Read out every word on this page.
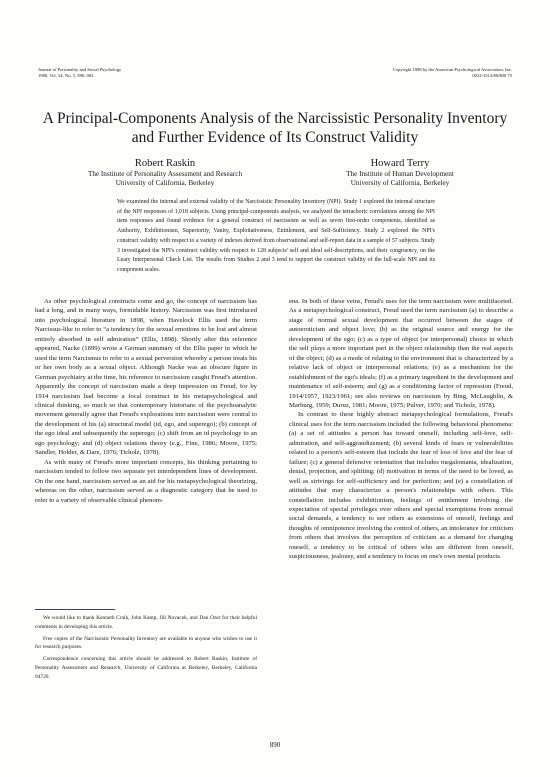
Journal of Personality and Social Psychology
1988, Vol. 54, No. 5, 890–902
Copyright 1988 by the American Psychological Association, Inc.
0022-3514/88/$00.75
A Principal-Components Analysis of the Narcissistic Personality Inventory and Further Evidence of Its Construct Validity
Robert Raskin
The Institute of Personality Assessment and Research
University of California, Berkeley
Howard Terry
The Institute of Human Development
University of California, Berkeley
We examined the internal and external validity of the Narcissistic Personality Inventory (NPI). Study 1 explored the internal structure of the NPI responses of 1,018 subjects. Using principal-components analysis, we analyzed the tetrachoric correlations among the NPI item responses and found evidence for a general construct of narcissism as well as seven first-order components, identified as Authority, Exhibitionism, Superiority, Vanity, Exploitativeness, Entitlement, and Self-Sufficiency. Study 2 explored the NPI's construct validity with respect to a variety of indexes derived from observational and self-report data in a sample of 57 subjects. Study 3 investigated the NPI's construct validity with respect to 128 subjects' self and ideal self-descriptions, and their congruency, on the Leary Interpersonal Check List. The results from Studies 2 and 3 tend to support the construct validity of the full-scale NPI and its component scales.

As other psychological constructs come and go, the concept of narcissism has had a long, and in many ways, formidable history. Narcissism was first introduced into psychological literature in 1898, when Havelock Ellis used the term Narcissus-like to refer to “a tendency for the sexual emotions to be lost and almost entirely absorbed in self admiration” (Ellis, 1898). Shortly after this reference appeared, Nacke (1899) wrote a German summary of the Ellis paper in which he used the term Narcismus to refer to a sexual perversion whereby a person treats his or her own body as a sexual object. Although Nacke was an obscure figure in German psychiatry at the time, his reference to narcissism caught Freud's attention. Apparently the concept of narcissism made a deep impression on Freud, for by 1914 narcissism had become a focal construct in his metapsychological and clinical thinking, so much so that contemporary historians of the psychoanalytic movement generally agree that Freud's explorations into narcissism were central to the development of his (a) structural model (id, ego, and superego); (b) concept of the ego ideal and subsequently the superego; (c) shift from an id psychology to an ego psychology; and (d) object relations theory (e.g., Fine, 1986; Moore, 1975; Sandler, Holder, & Dare, 1976; Ticholz, 1978).

As with many of Freud's more important concepts, his thinking pertaining to narcissism tended to follow two separate yet interdependent lines of development. On the one hand, narcissism served as an aid for his metapsychological theorizing, whereas on the other, narcissism served as a diagnostic category that he used to refer to a variety of observable clinical phenom-

We would like to thank Kenneth Craik, John Kamp, Jill Novacek, and Dan Ozer for their helpful comments in developing this article.

Free copies of the Narcissistic Personality Inventory are available to anyone who wishes to use it for research purposes.

Correspondence concerning this article should be addressed to Robert Raskin, Institute of Personality Assessment and Research, University of California at Berkeley, Berkeley, California 94720.

ena. In both of these veins, Freud's uses for the term narcissism were multifaceted. As a metapsychological construct, Freud used the term narcissism (a) to describe a stage of normal sexual development that occurred between the stages of autoeroticism and object love; (b) as the original source and energy for the development of the ego; (c) as a type of object (or interpersonal) choice in which the self plays a more important part in the object relationship than the real aspects of the object; (d) as a mode of relating to the environment that is characterized by a relative lack of object or interpersonal relations; (e) as a mechanism for the establishment of the ego's ideals; (f) as a primary ingredient in the development and maintenance of self-esteem; and (g) as a conditioning factor of repression (Freud, 1914/1957, 1923/1961; see also reviews on narcissism by Bing, McLaughlin, & Marburg, 1959; Duruz, 1981; Moore, 1975; Pulver, 1970; and Ticholz, 1978).

In contrast to these highly abstract metapsychological formulations, Freud's clinical uses for the term narcissism included the following behavioral phenomena: (a) a set of attitudes a person has toward oneself, including self-love, self-admiration, and self-aggrandizement; (b) several kinds of fears or vulnerabilities related to a person's self-esteem that include the fear of loss of love and the fear of failure; (c) a general defensive orientation that includes megalomania, idealization, denial, projection, and splitting; (d) motivation in terms of the need to be loved, as well as strivings for self-sufficiency and for perfection; and (e) a constellation of attitudes that may characterize a person's relationships with others. This constellation includes exhibitionism, feelings of entitlement involving the expectation of special privileges over others and special exemptions from normal social demands, a tendency to see others as extensions of oneself, feelings and thoughts of omnipotence involving the control of others, an intolerance for criticism from others that involves the perception of criticism as a demand for changing oneself, a tendency to be critical of others who are different from oneself, suspiciousness, jealousy, and a tendency to focus on one's own mental products.

890
